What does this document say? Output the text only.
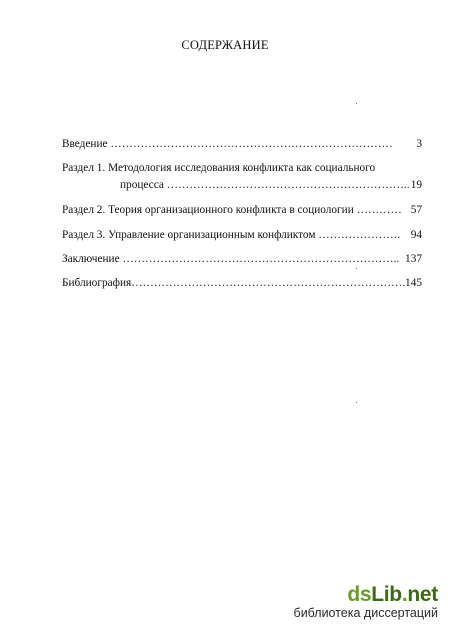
СОДЕРЖАНИЕ
Введение ………………………………………………………………… 3
Раздел 1. Методология исследования конфликта как социального
процесса ……………………………………………………….. 19
Раздел 2. Теория организационного конфликта в социологии ………… 57
Раздел 3. Управление организационным конфликтом …………………. 94
Заключение ……………………………………………………………….. 137
Библиография………………………………………………………………. 145
dsLib.net
библиотека диссертаций
